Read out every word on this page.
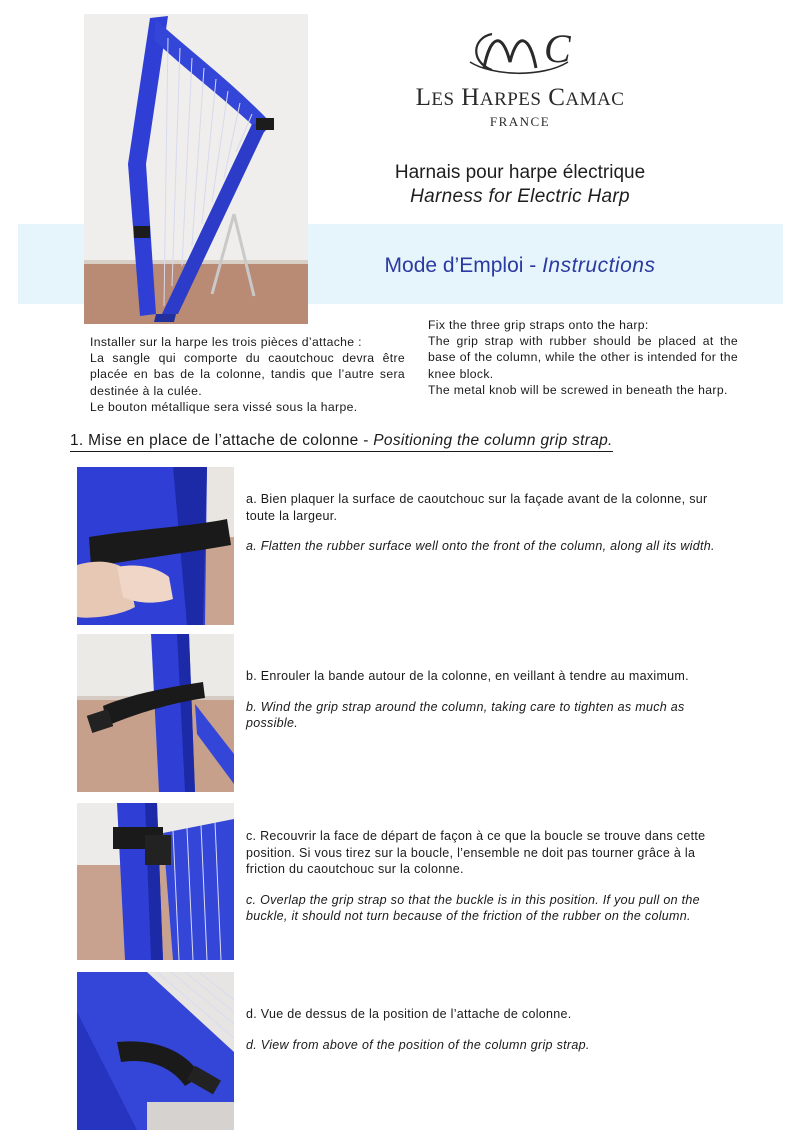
C
LES HARPES CAMAC
FRANCE
Harnais pour harpe électrique
Harness for Electric Harp
Mode d’Emploi - Instructions

Installer sur la harpe les trois pièces d’attache :

La sangle qui comporte du caoutchouc devra être placée en bas de la colonne, tandis que l’autre sera destinée à la culée.

Le bouton métallique sera vissé sous la harpe.

Fix the three grip straps onto the harp:

The grip strap with rubber should be placed at the base of the column, while the other is intended for the knee block.

The metal knob will be screwed in beneath the harp.

1. Mise en place de l’attache de colonne - Positioning the column grip strap.

a. Bien plaquer la surface de caoutchouc sur la façade avant de la colonne, sur toute la largeur.

a. Flatten the rubber surface well onto the front of the column, along all its width.

b. Enrouler la bande autour de la colonne, en veillant à tendre au maximum.

b. Wind the grip strap around the column, taking care to tighten as much as possible.

c. Recouvrir la face de départ de façon à ce que la boucle se trouve dans cette position. Si vous tirez sur la boucle, l’ensemble ne doit pas tourner grâce à la friction du caoutchouc sur la colonne.

c. Overlap the grip strap so that the buckle is in this position. If you pull on the buckle, it should not turn because of the friction of the rubber on the column.

d. Vue de dessus de la position de l’attache de colonne.

d. View from above of the position of the column grip strap.
